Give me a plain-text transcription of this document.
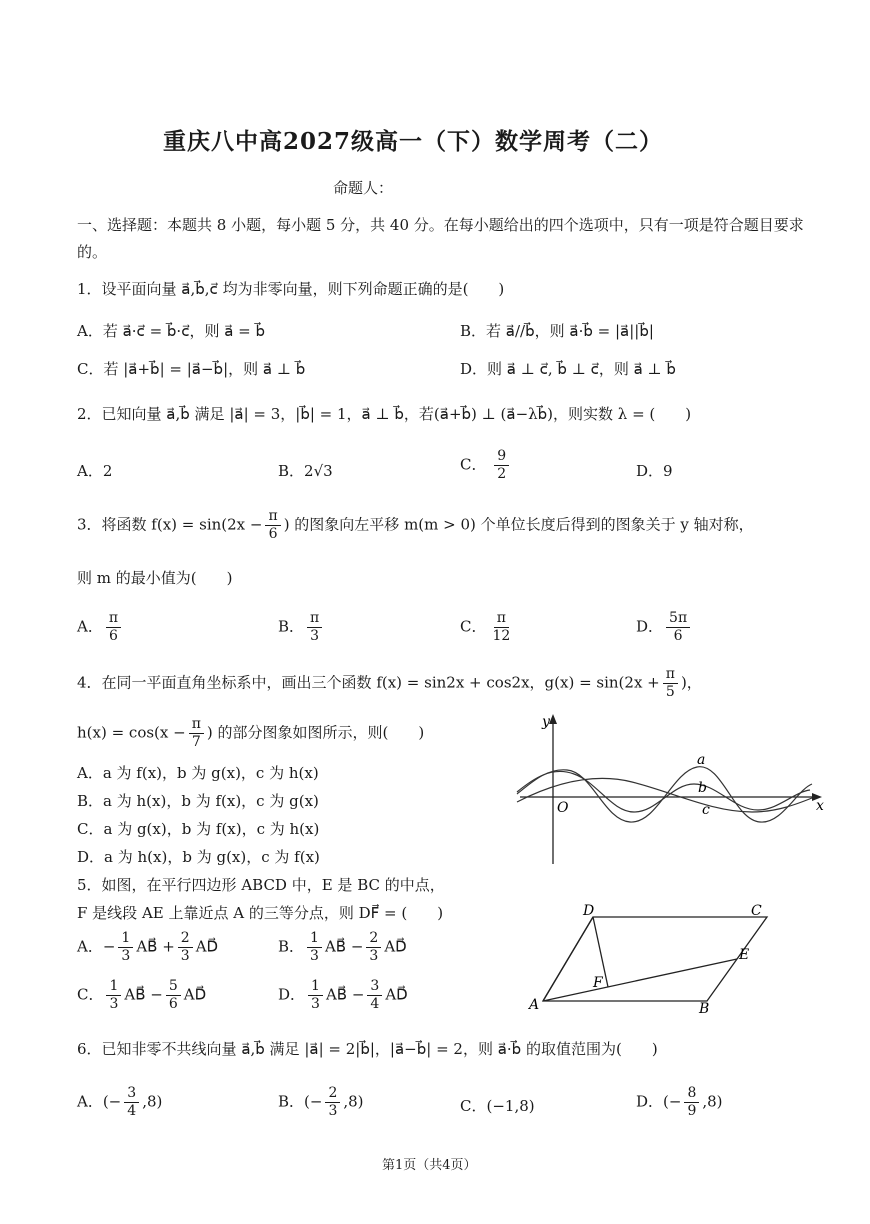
重庆八中高2027级高一（下）数学周考（二）
命题人：
一、选择题：本题共 8 小题，每小题 5 分，共 40 分。在每小题给出的四个选项中，只有一项是符合题目要求的。
1．设平面向量 a⃗,b⃗,c⃗ 均为非零向量，则下列命题正确的是(　　)
A．若 a⃗·c⃗ = b⃗·c⃗，则 a⃗ = b⃗	B．若 a⃗//b⃗，则 a⃗·b⃗ = |a⃗||b⃗|
C．若 |a⃗+b⃗| = |a⃗−b⃗|，则 a⃗ ⊥ b⃗	D．则 a⃗ ⊥ c⃗, b⃗ ⊥ c⃗，则 a⃗ ⊥ b⃗
2．已知向量 a⃗,b⃗ 满足 |a⃗| = 3，|b⃗| = 1，a⃗ ⊥ b⃗，若(a⃗+b⃗) ⊥ (a⃗−λb⃗)，则实数 λ = (　　)
A．2	B．2√3	C． $\frac{9}{2}$	D．9
3．将函数 $f(x) = \sin(2x - \frac{\pi}{6}$ ) 的图象向左平移 m(m > 0) 个单位长度后得到的图象关于 y 轴对称，
则 m 的最小值为(　　)
A． $\frac{\pi}{6}$	B． $\frac{\pi}{3}$	C． $\frac{\pi}{12}$	D． $\frac{5\pi}{6}$
4．在同一平面直角坐标系中，画出三个函数 f(x) = sin2x + cos2x，$g(x) = \sin(2x + \frac{\pi}{5}$ )，
$h(x) = \cos(x - \frac{\pi}{7}$ ) 的部分图象如图所示，则(　　)
A．a 为 f(x)，b 为 g(x)，c 为 h(x)
B．a 为 h(x)，b 为 f(x)，c 为 g(x)
C．a 为 g(x)，b 为 f(x)，c 为 h(x)
D．a 为 h(x)，b 为 g(x)，c 为 f(x)
y
x
O
a
b
c
5．如图，在平行四边形 ABCD 中，E 是 BC 的中点，
F 是线段 AE 上靠近点 A 的三等分点，则 DF⃗ = (　　)
A．− $\frac{1}{3}$ AB⃗ + $\frac{2}{3}$ AD⃗	B． $\frac{1}{3}$ AB⃗ − $\frac{2}{3}$ AD⃗
C． $\frac{1}{3}$ AB⃗ − $\frac{5}{6}$ AD⃗	D． $\frac{1}{3}$ AB⃗ − $\frac{3}{4}$ AD⃗
A	B
C
D
E
F
6．已知非零不共线向量 a⃗,b⃗ 满足 |a⃗| = 2|b⃗|，|a⃗−b⃗| = 2，则 a⃗·b⃗ 的取值范围为(　　)
A．(− $\frac{3}{4} ,8$)	B．(− $\frac{2}{3} ,8$)	C．(−1,8)	D．(− $\frac{8}{9} ,8$)
第1页（共4页）
